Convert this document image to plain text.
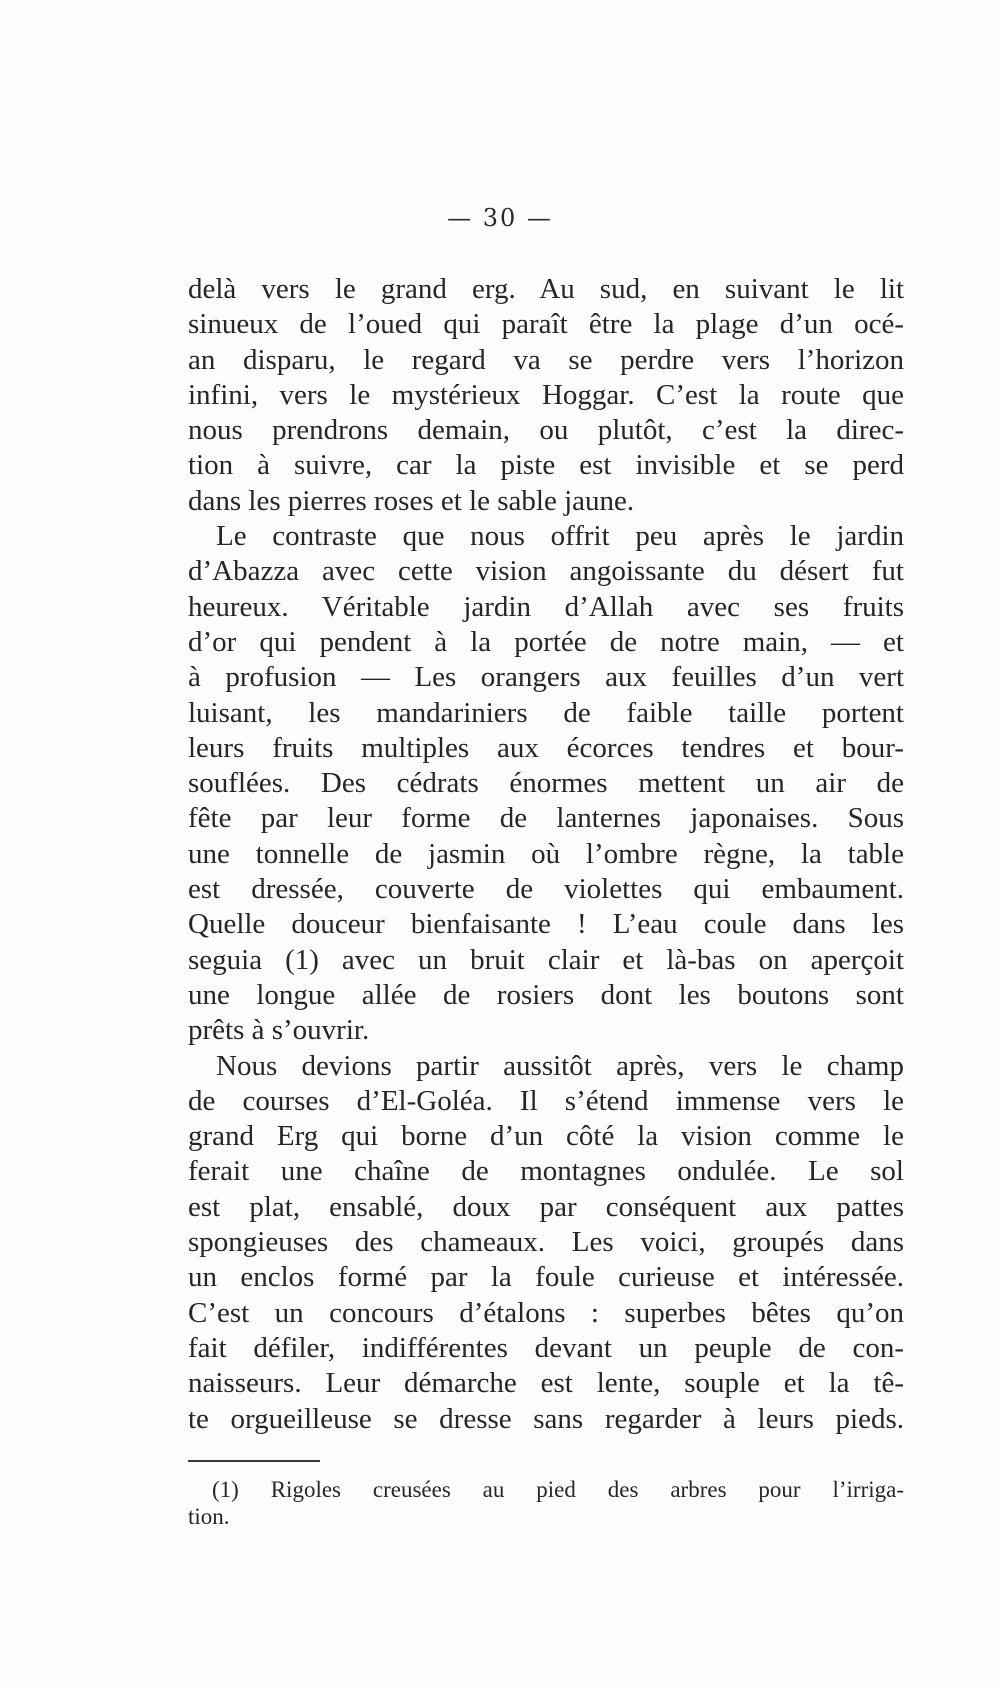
— 30 —
delà vers le grand erg. Au sud, en suivant le lit
sinueux de l’oued qui paraît être la plage d’un océ-
an disparu, le regard va se perdre vers l’horizon
infini, vers le mystérieux Hoggar. C’est la route que
nous prendrons demain, ou plutôt, c’est la direc-
tion à suivre, car la piste est invisible et se perd
dans les pierres roses et le sable jaune.
Le contraste que nous offrit peu après le jardin
d’Abazza avec cette vision angoissante du désert fut
heureux. Véritable jardin d’Allah avec ses fruits
d’or qui pendent à la portée de notre main, — et
à profusion — Les orangers aux feuilles d’un vert
luisant, les mandariniers de faible taille portent
leurs fruits multiples aux écorces tendres et bour-
souflées. Des cédrats énormes mettent un air de
fête par leur forme de lanternes japonaises. Sous
une tonnelle de jasmin où l’ombre règne, la table
est dressée, couverte de violettes qui embaument.
Quelle douceur bienfaisante ! L’eau coule dans les
seguia (1) avec un bruit clair et là-bas on aperçoit
une longue allée de rosiers dont les boutons sont
prêts à s’ouvrir.
Nous devions partir aussitôt après, vers le champ
de courses d’El-Goléa. Il s’étend immense vers le
grand Erg qui borne d’un côté la vision comme le
ferait une chaîne de montagnes ondulée. Le sol
est plat, ensablé, doux par conséquent aux pattes
spongieuses des chameaux. Les voici, groupés dans
un enclos formé par la foule curieuse et intéressée.
C’est un concours d’étalons : superbes bêtes qu’on
fait défiler, indifférentes devant un peuple de con-
naisseurs. Leur démarche est lente, souple et la tê-
te orgueilleuse se dresse sans regarder à leurs pieds.
(1) Rigoles creusées au pied des arbres pour l’irriga-
tion.
